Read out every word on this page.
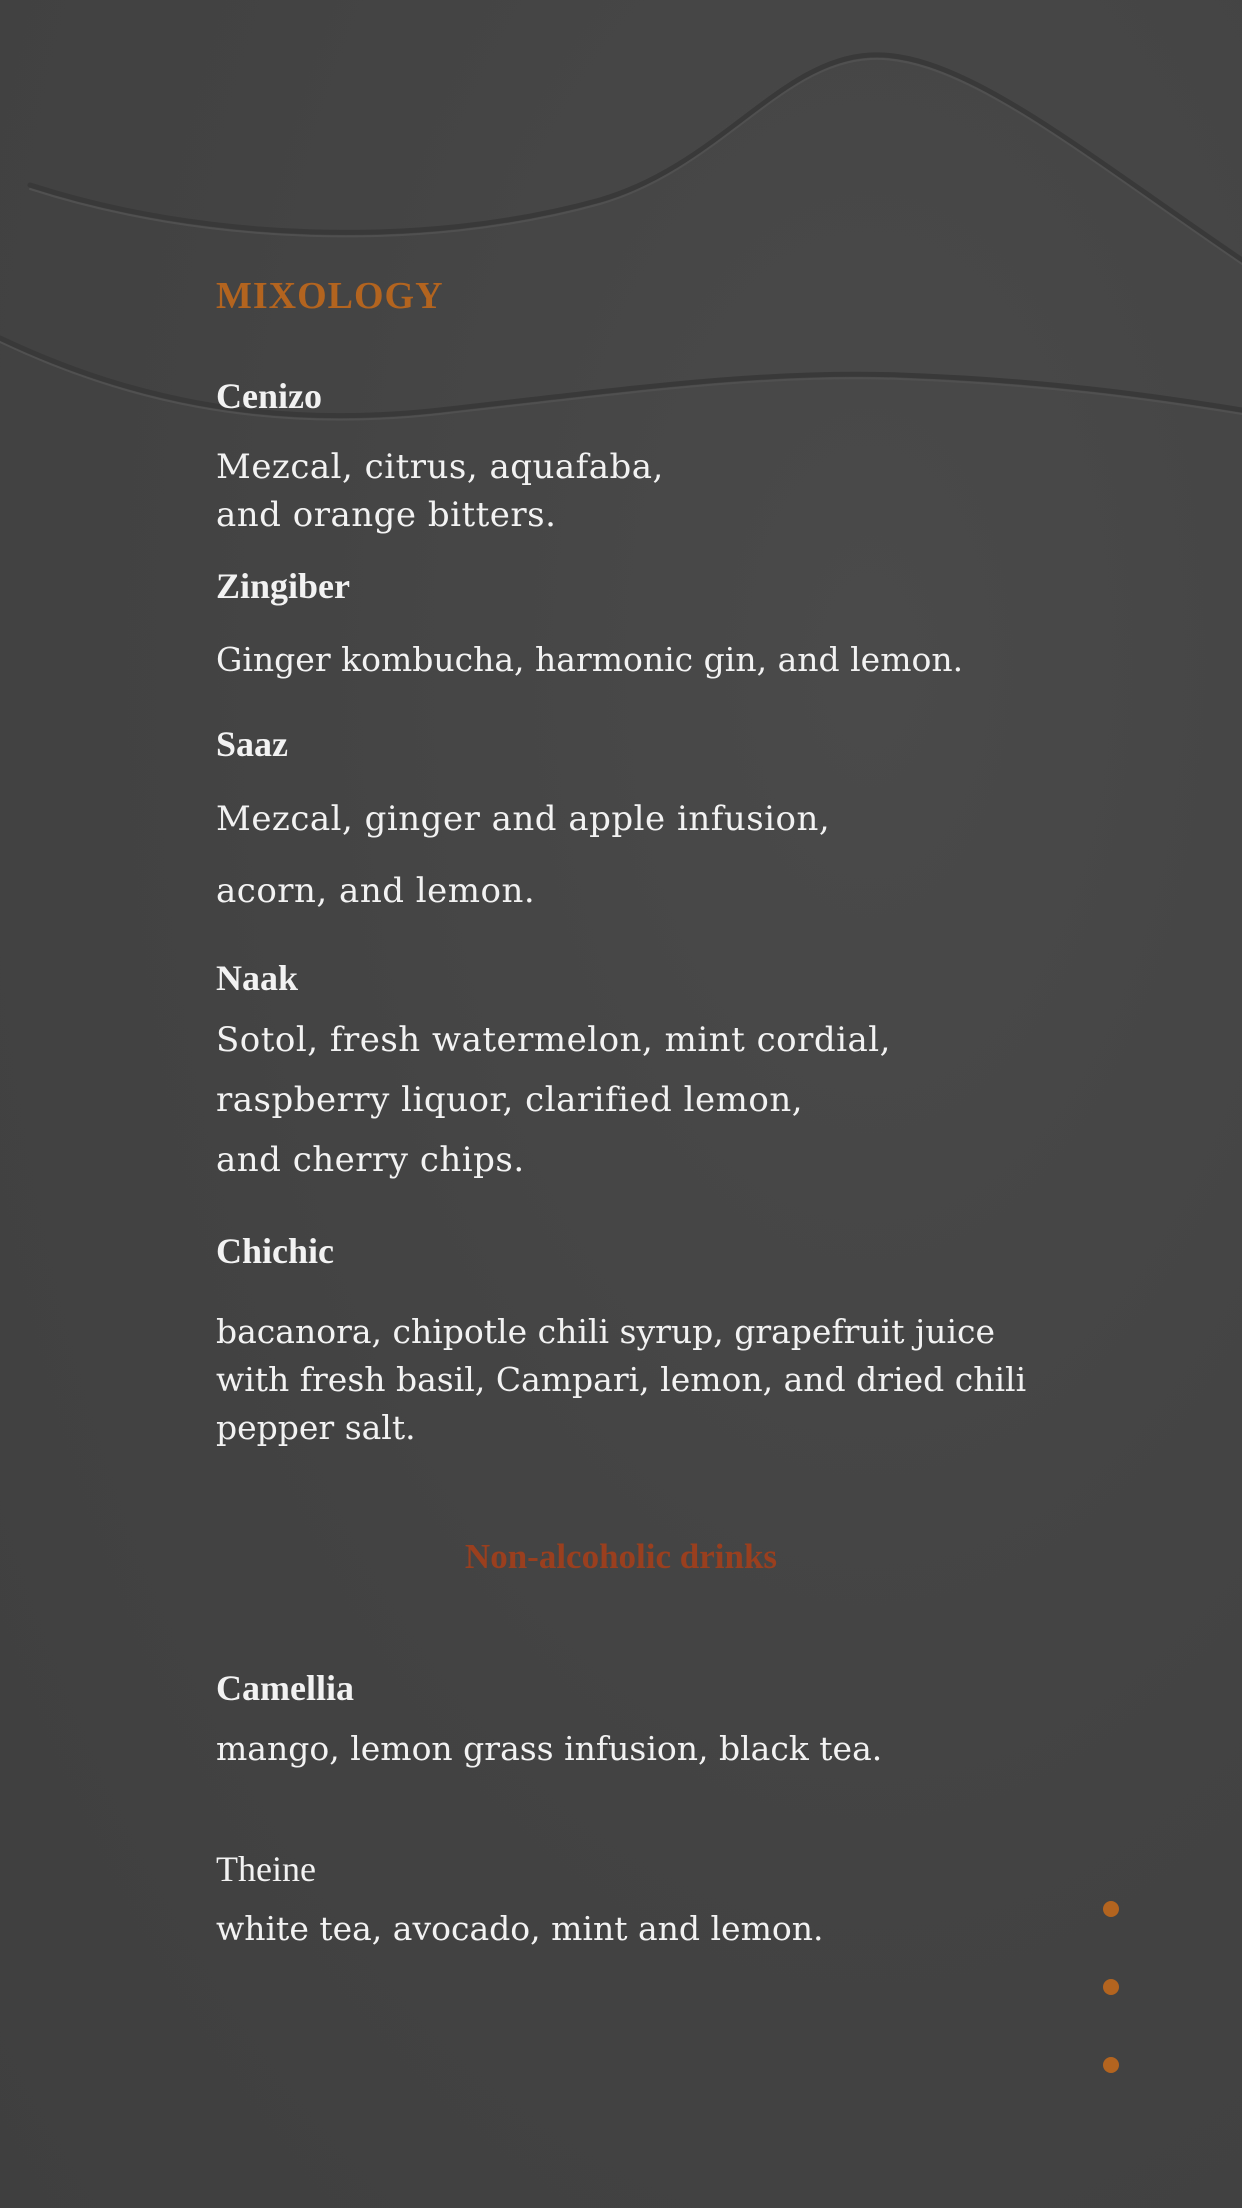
MIXOLOGY
Cenizo
Mezcal, citrus, aquafaba,
and orange bitters.
Zingiber
Ginger kombucha, harmonic gin, and lemon.
Saaz
Mezcal, ginger and apple infusion,
acorn, and lemon.
Naak
Sotol, fresh watermelon, mint cordial,
raspberry liquor, clarified lemon,
and cherry chips.
Chichic
bacanora, chipotle chili syrup, grapefruit juice
with fresh basil, Campari, lemon, and dried chili
pepper salt.
Non-alcoholic drinks
Camellia
mango, lemon grass infusion, black tea.
Theine
white tea, avocado, mint and lemon.
